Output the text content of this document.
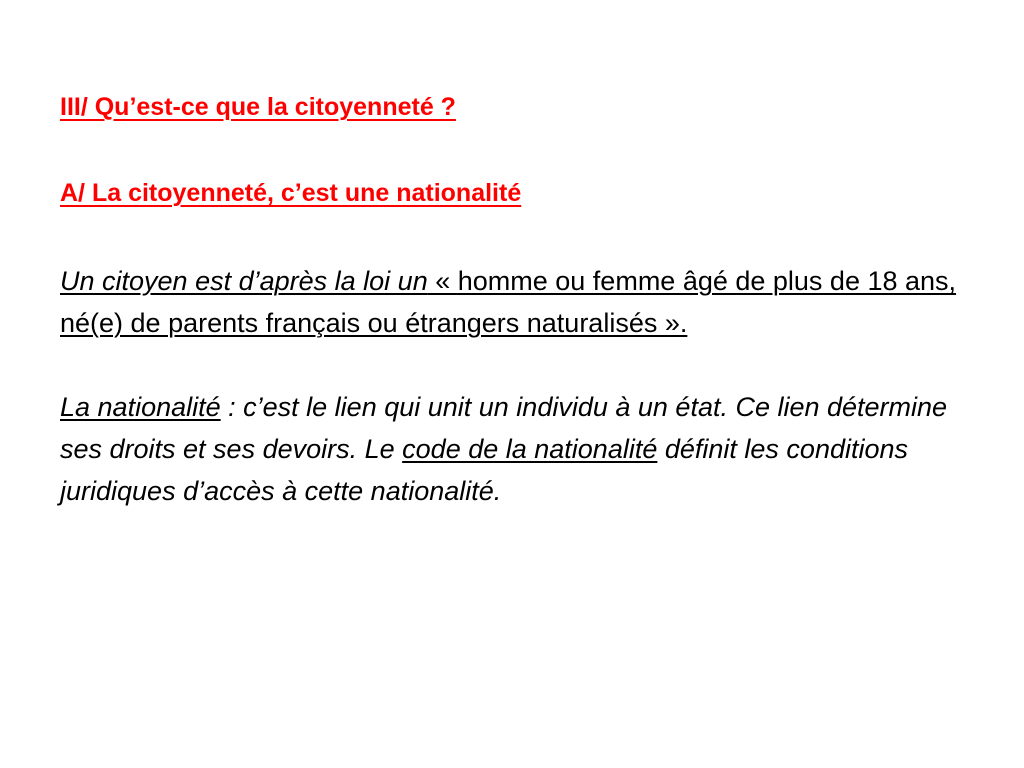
III/ Qu’est-ce que la citoyenneté ?
A/ La citoyenneté, c’est une nationalité

Un citoyen est d’après la loi un « homme ou femme âgé de plus de 18 ans, né(e) de parents français ou étrangers naturalisés ».

La nationalité : c’est le lien qui unit un individu à un état. Ce lien détermine ses droits et ses devoirs. Le code de la nationalité définit les conditions juridiques d’accès à cette nationalité.
